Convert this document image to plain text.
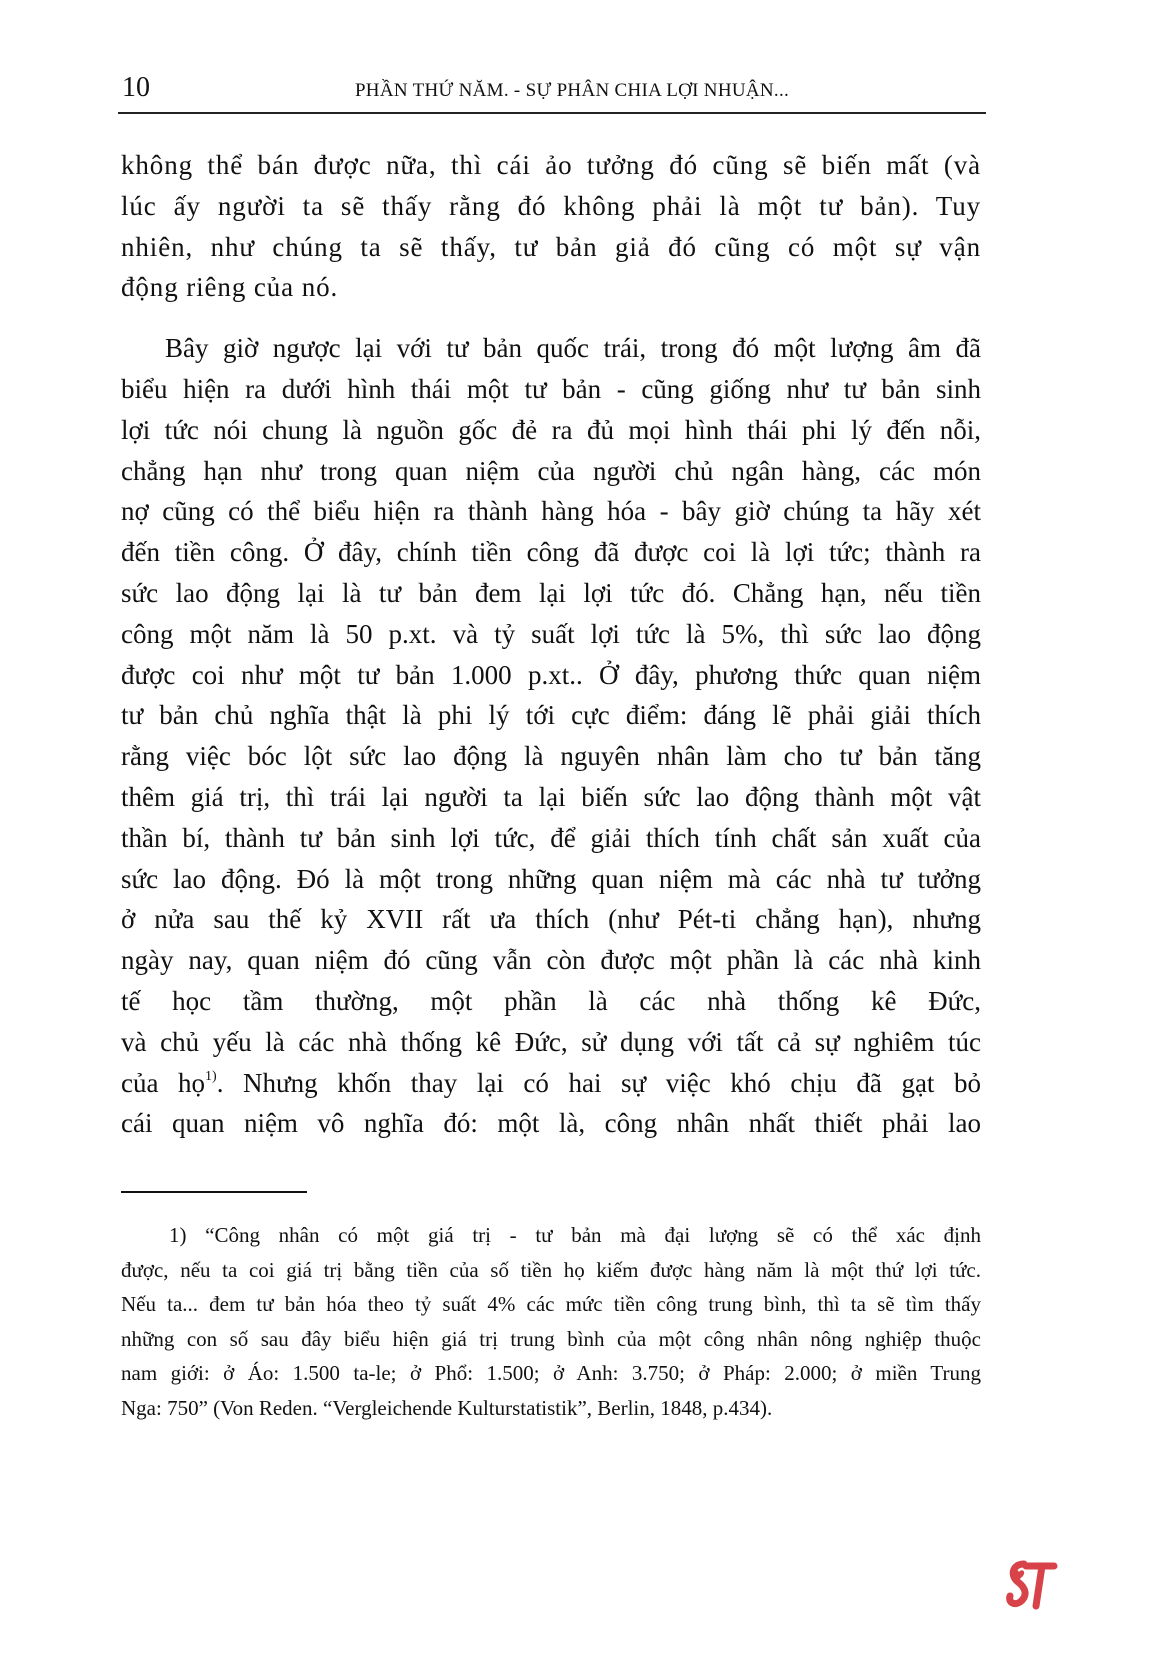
10	PHẦN THỨ NĂM. - SỰ PHÂN CHIA LỢI NHUẬN...

không thể bán được nữa, thì cái ảo tưởng đó cũng sẽ biến mất (và
lúc ấy người ta sẽ thấy rằng đó không phải là một tư bản). Tuy
nhiên, như chúng ta sẽ thấy, tư bản giả đó cũng có một sự vận
động riêng của nó.

Bây giờ ngược lại với tư bản quốc trái, trong đó một lượng âm đã
biểu hiện ra dưới hình thái một tư bản - cũng giống như tư bản sinh
lợi tức nói chung là nguồn gốc đẻ ra đủ mọi hình thái phi lý đến nỗi,
chẳng hạn như trong quan niệm của người chủ ngân hàng, các món
nợ cũng có thể biểu hiện ra thành hàng hóa - bây giờ chúng ta hãy xét
đến tiền công. Ở đây, chính tiền công đã được coi là lợi tức; thành ra
sức lao động lại là tư bản đem lại lợi tức đó. Chẳng hạn, nếu tiền
công một năm là 50 p.xt. và tỷ suất lợi tức là 5%, thì sức lao động
được coi như một tư bản 1.000 p.xt.. Ở đây, phương thức quan niệm
tư bản chủ nghĩa thật là phi lý tới cực điểm: đáng lẽ phải giải thích
rằng việc bóc lột sức lao động là nguyên nhân làm cho tư bản tăng
thêm giá trị, thì trái lại người ta lại biến sức lao động thành một vật
thần bí, thành tư bản sinh lợi tức, để giải thích tính chất sản xuất của
sức lao động. Đó là một trong những quan niệm mà các nhà tư tưởng
ở nửa sau thế kỷ XVII rất ưa thích (như Pét-ti chẳng hạn), nhưng
ngày nay, quan niệm đó cũng vẫn còn được một phần là các nhà kinh
tế học tầm thường, một phần là các nhà thống kê Đức,
và chủ yếu là các nhà thống kê Đức, sử dụng với tất cả sự nghiêm túc
của họ$^{1)}$. Nhưng khốn thay lại có hai sự việc khó chịu đã gạt bỏ
cái quan niệm vô nghĩa đó: một là, công nhân nhất thiết phải lao

1) “Công nhân có một giá trị - tư bản mà đại lượng sẽ có thể xác định
được, nếu ta coi giá trị bằng tiền của số tiền họ kiếm được hàng năm là một thứ lợi tức.
Nếu ta... đem tư bản hóa theo tỷ suất 4% các mức tiền công trung bình, thì ta sẽ tìm thấy
những con số sau đây biểu hiện giá trị trung bình của một công nhân nông nghiệp thuộc
nam giới: ở Áo: 1.500 ta-le; ở Phổ: 1.500; ở Anh: 3.750; ở Pháp: 2.000; ở miền Trung
Nga: 750” (Von Reden. “Vergleichende Kulturstatistik”, Berlin, 1848, p.434).
